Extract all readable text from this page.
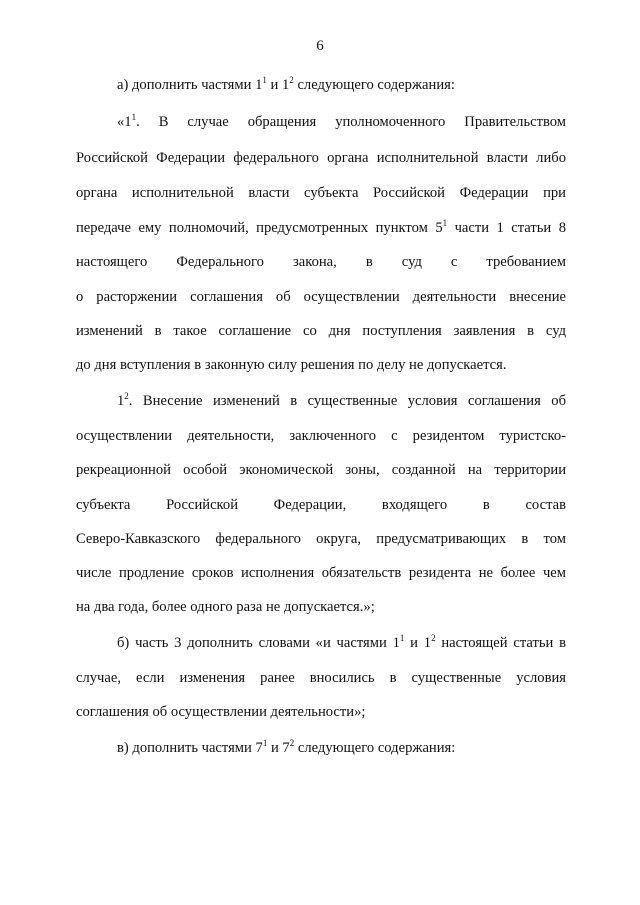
6
а) дополнить частями $1^1$ и $1^2$ следующего содержания:
«$1^1$. В случае обращения уполномоченного Правительством
Российской Федерации федерального органа исполнительной власти либо
органа исполнительной власти субъекта Российской Федерации при
передаче ему полномочий, предусмотренных пунктом $5^1$ части 1 статьи 8
настоящего Федерального закона, в суд с требованием
о расторжении соглашения об осуществлении деятельности внесение
изменений в такое соглашение со дня поступления заявления в суд
до дня вступления в законную силу решения по делу не допускается.
$1^2$. Внесение изменений в существенные условия соглашения об
осуществлении деятельности, заключенного с резидентом туристско-
рекреационной особой экономической зоны, созданной на территории
субъекта Российской Федерации, входящего в состав
Северо-Кавказского федерального округа, предусматривающих в том
числе продление сроков исполнения обязательств резидента не более чем
на два года, более одного раза не допускается.»;
б) часть 3 дополнить словами «и частями $1^1$ и $1^2$ настоящей статьи в
случае, если изменения ранее вносились в существенные условия
соглашения об осуществлении деятельности»;
в) дополнить частями $7^1$ и $7^2$ следующего содержания:
